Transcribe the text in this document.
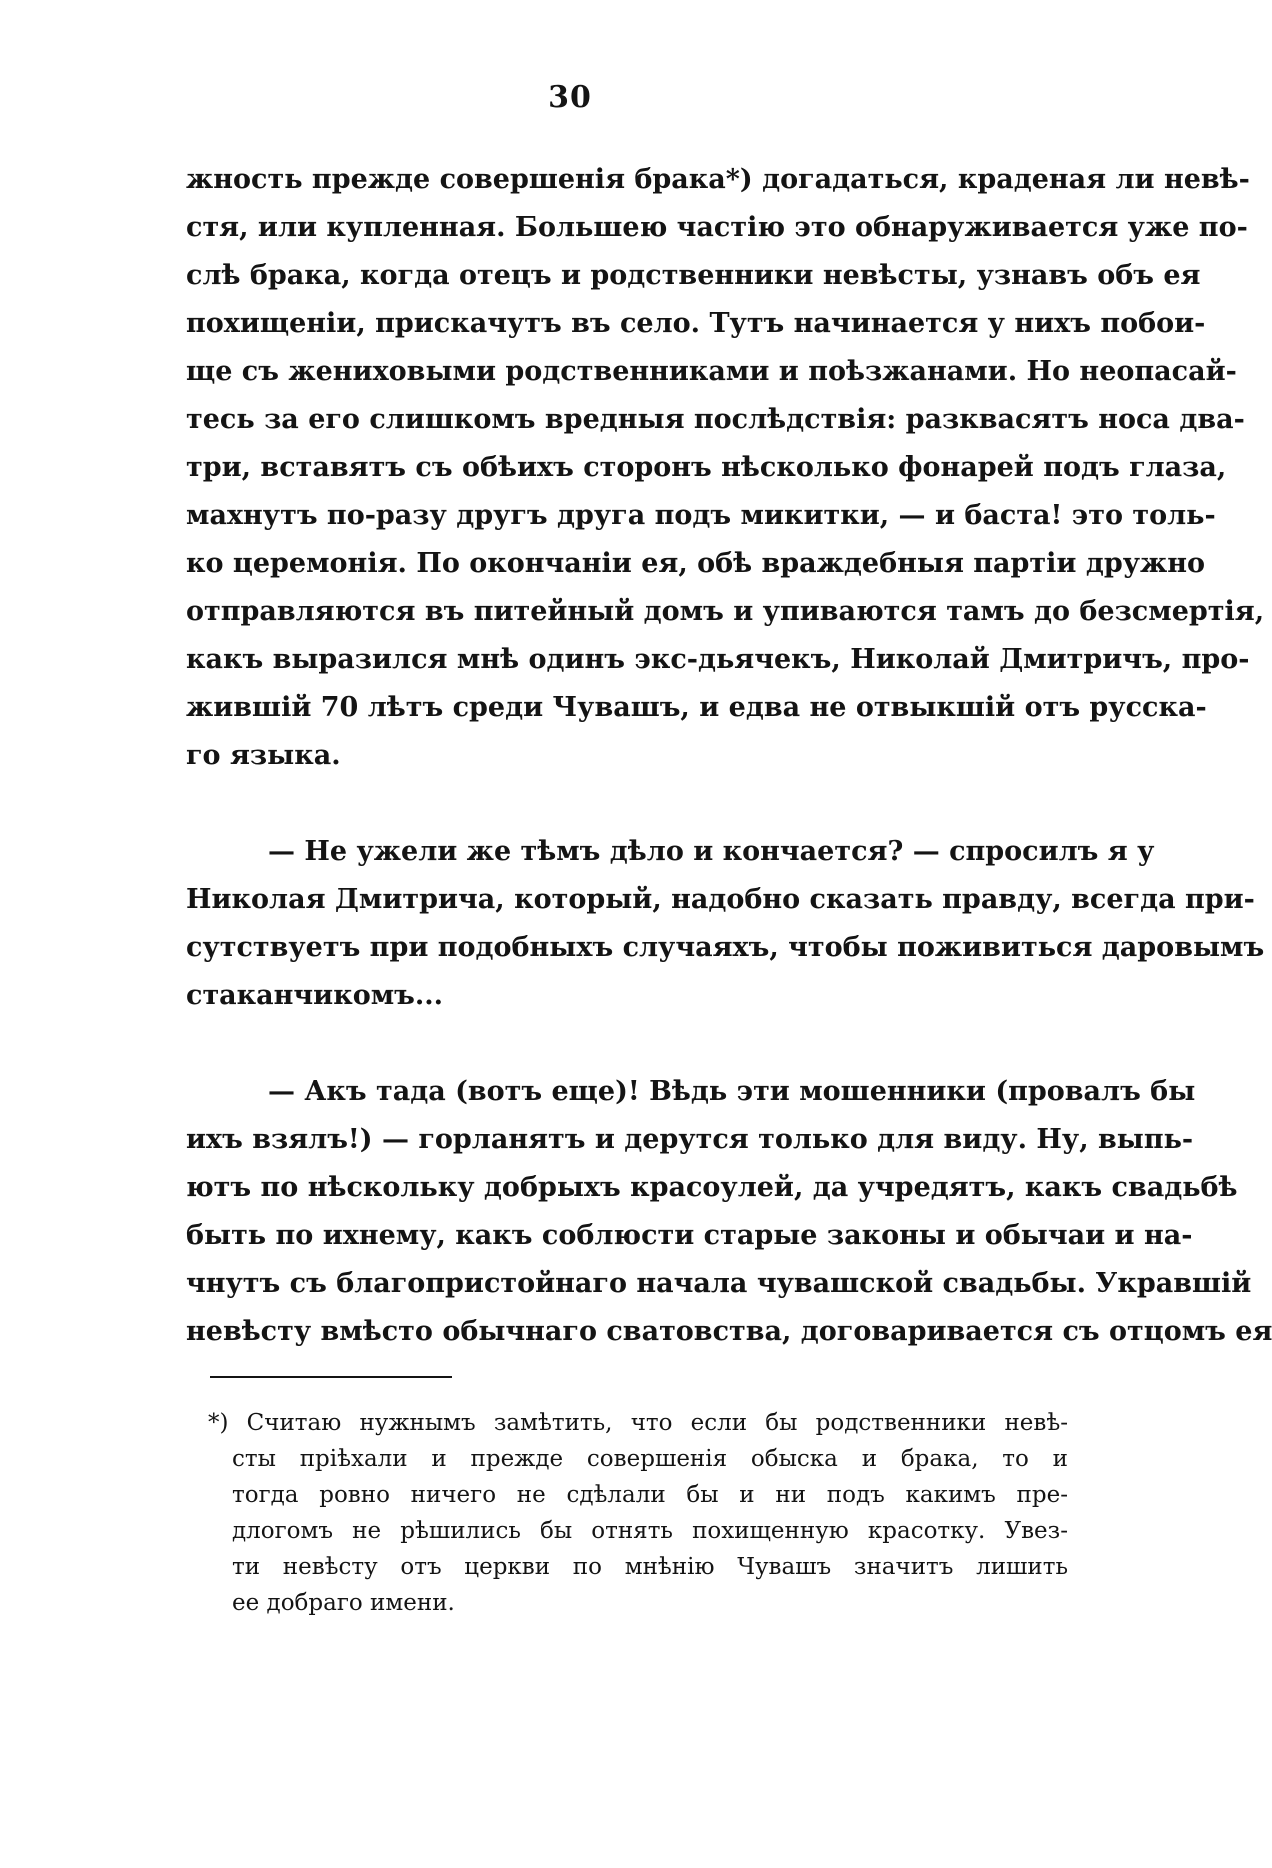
30
жность прежде совершенія брака*) догадаться, краденая ли невѣ-
стя, или купленная. Большею частію это обнаруживается уже по-
слѣ брака, когда отецъ и родственники невѣсты, узнавъ объ ея
похищеніи, прискачутъ въ село. Тутъ начинается у нихъ побои-
ще съ жениховыми родственниками и поѣзжанами. Но неопасай-
тесь за его слишкомъ вредныя послѣдствія: разквасятъ носа два-
три, вставятъ съ обѣихъ сторонъ нѣсколько фонарей подъ глаза,
махнутъ по-разу другъ друга подъ микитки, — и баста! это толь-
ко церемонія. По окончаніи ея, обѣ враждебныя партіи дружно
отправляются въ питейный домъ и упиваются тамъ до безсмертія,
какъ выразился мнѣ одинъ экс-дьячекъ, Николай Дмитричъ, про-
жившій 70 лѣтъ среди Чувашъ, и едва не отвыкшій отъ русска-
го языка.
— Не ужели же тѣмъ дѣло и кончается? — спросилъ я у
Николая Дмитрича, который, надобно сказать правду, всегда при-
сутствуетъ при подобныхъ случаяхъ, чтобы поживиться даровымъ
стаканчикомъ...
— Акъ тада (вотъ еще)! Вѣдь эти мошенники (провалъ бы
ихъ взялъ!) — горланятъ и дерутся только для виду. Ну, выпь-
ютъ по нѣскольку добрыхъ красоулей, да учредятъ, какъ свадьбѣ
быть по ихнему, какъ соблюсти старые законы и обычаи и на-
чнутъ съ благопристойнаго начала чувашской свадьбы. Укравшій
невѣсту вмѣсто обычнаго сватовства, договаривается съ отцомъ ея
*) Считаю нужнымъ замѣтить, что если бы родственники невѣ-
сты пріѣхали и прежде совершенія обыска и брака, то и
тогда ровно ничего не сдѣлали бы и ни подъ какимъ пре-
длогомъ не рѣшились бы отнять похищенную красотку. Увез-
ти невѣсту отъ церкви по мнѣнію Чувашъ значитъ лишить
ее добраго имени.
